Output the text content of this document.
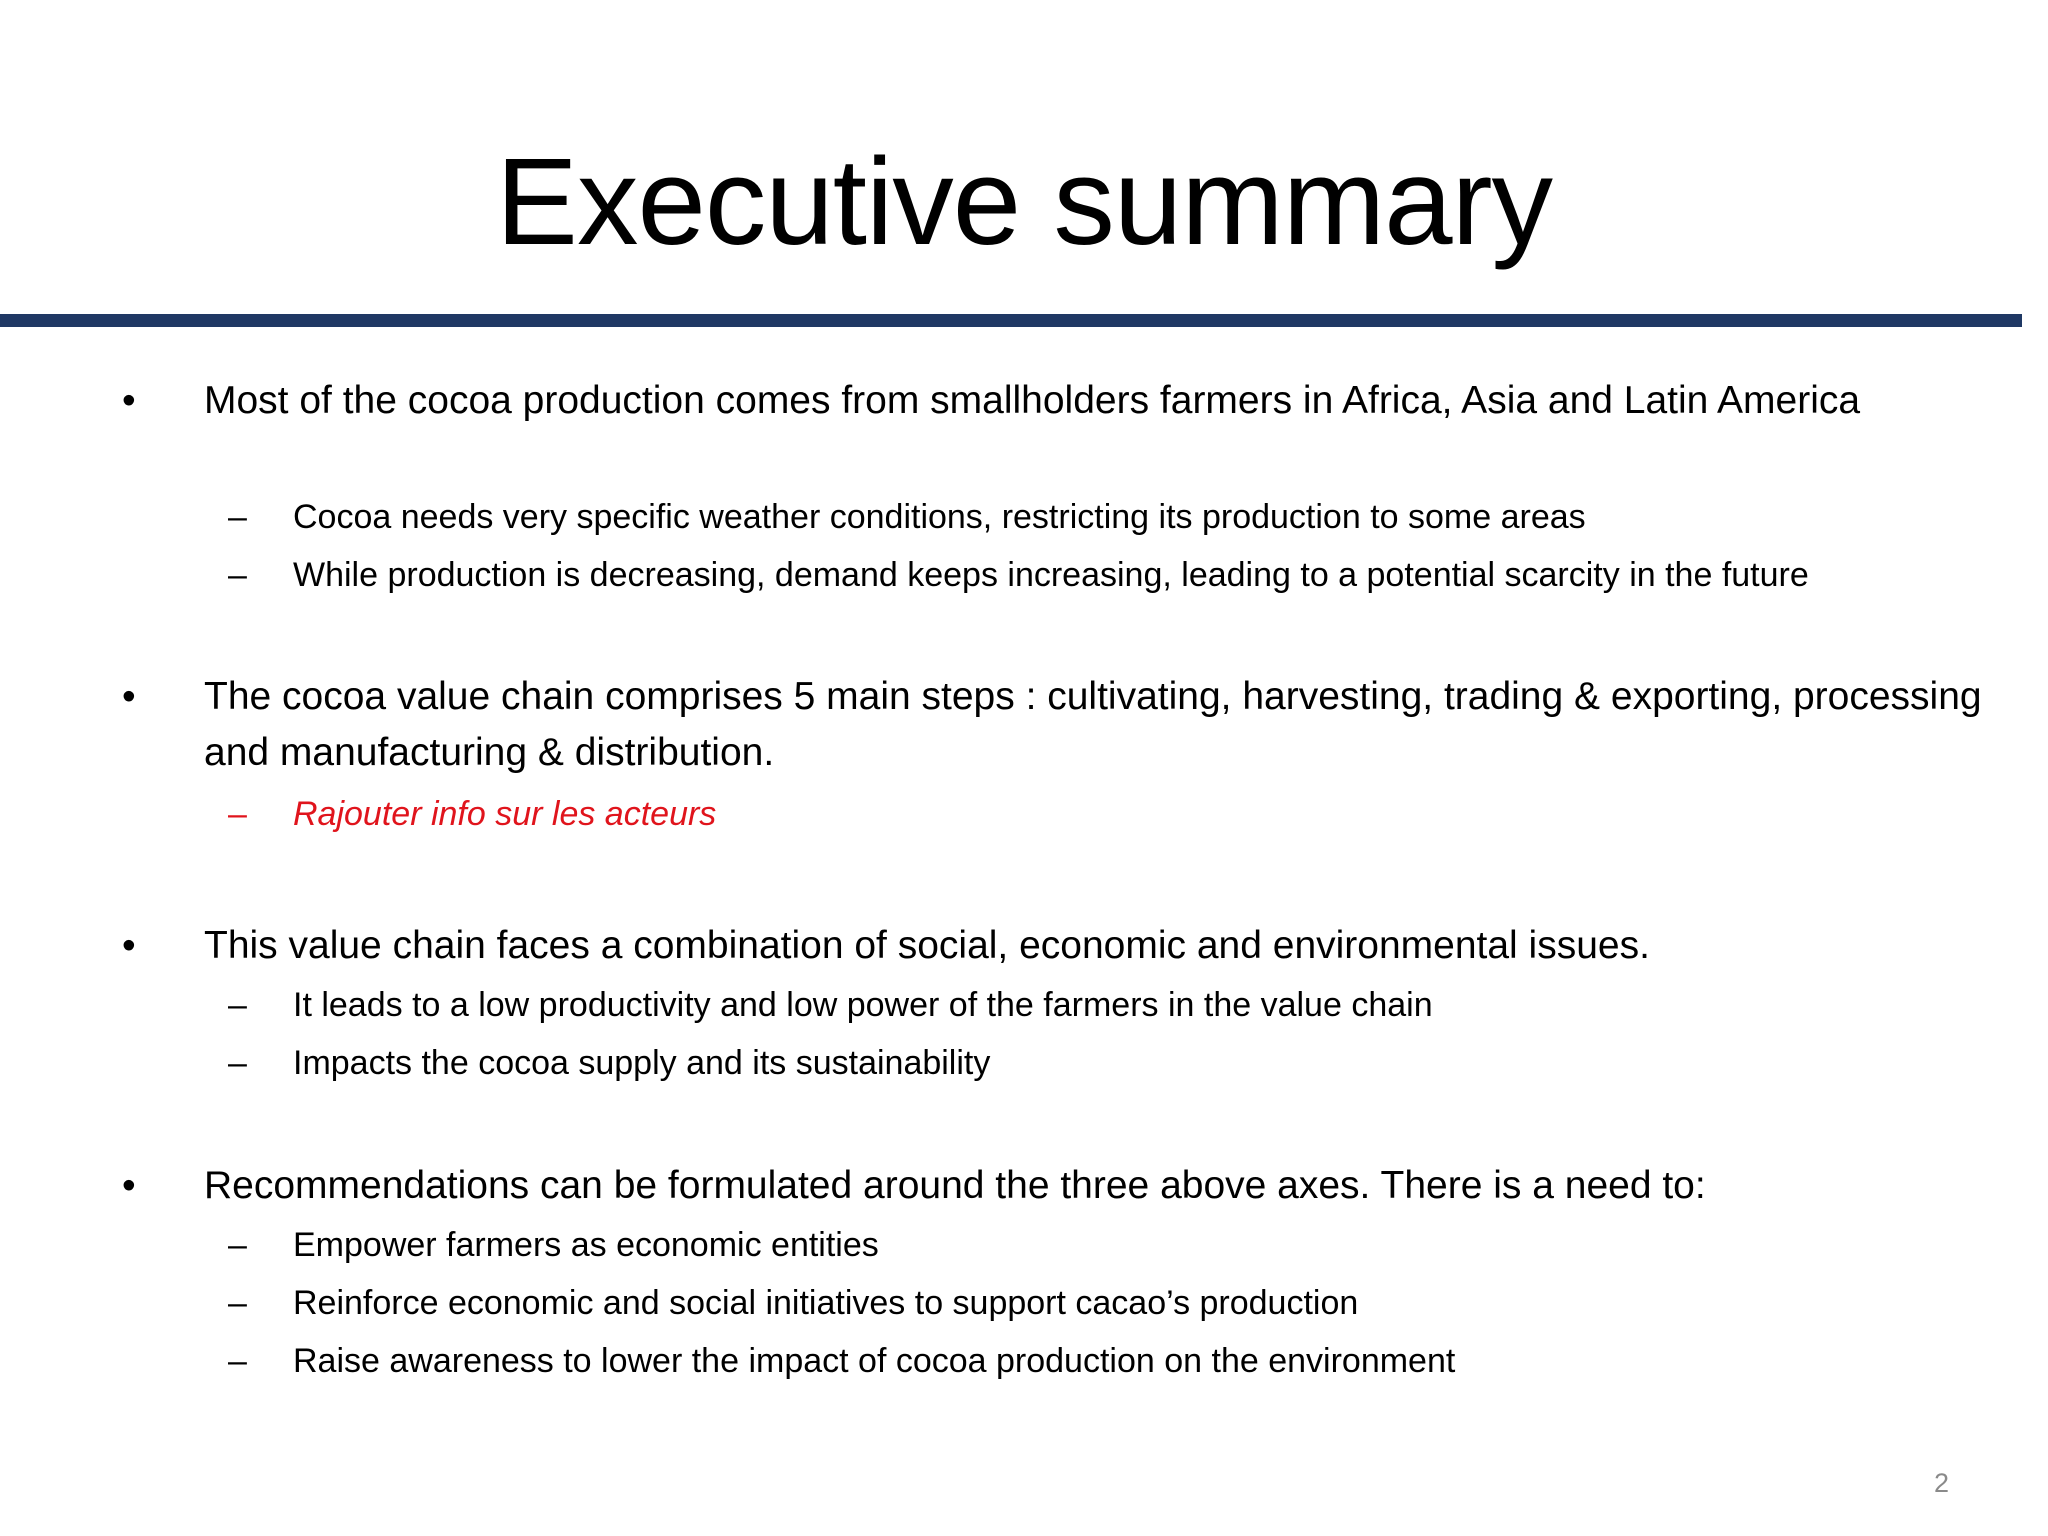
Executive summary
•	Most of the cocoa production comes from smallholders farmers in Africa, Asia and Latin America
–	Cocoa needs very specific weather conditions, restricting its production to some areas
–	While production is decreasing, demand keeps increasing, leading to a potential scarcity in the future
•	The cocoa value chain comprises 5 main steps : cultivating, harvesting, trading & exporting, processing and manufacturing & distribution.
–	Rajouter info sur les acteurs
•	This value chain faces a combination of social, economic and environmental issues.
–	It leads to a low productivity and low power of the farmers in the value chain
–	Impacts the cocoa supply and its sustainability
•	Recommendations can be formulated around the three above axes. There is a need to:
–	Empower farmers as economic entities
–	Reinforce economic and social initiatives to support cacao’s production
–	Raise awareness to lower the impact of cocoa production on the environment
2
